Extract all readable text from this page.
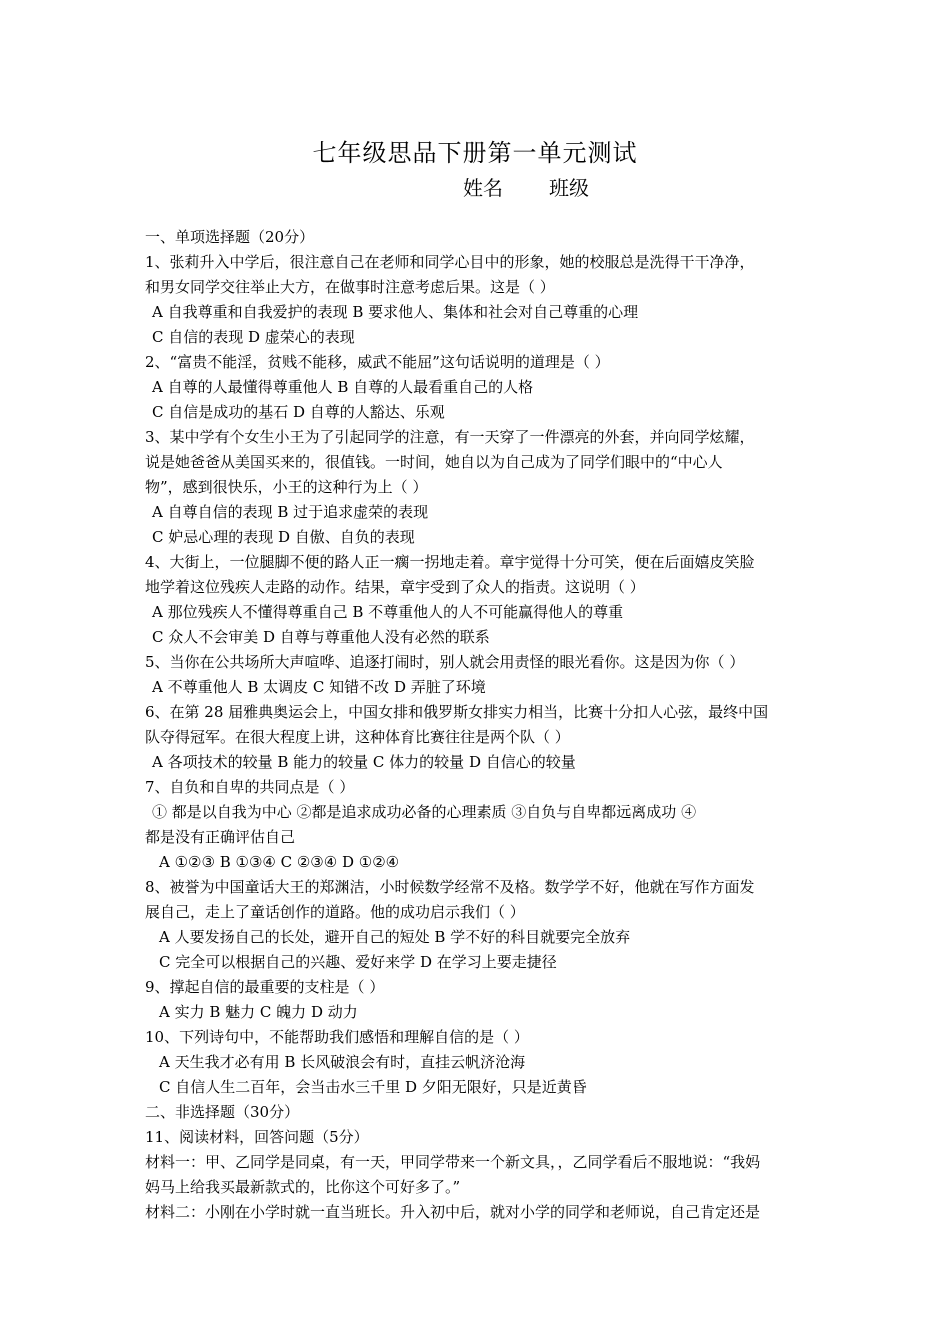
七年级思品下册第一单元测试
姓名 班级
一、单项选择题（20分）
1、张莉升入中学后，很注意自己在老师和同学心目中的形象，她的校服总是洗得干干净净，
和男女同学交往举止大方，在做事时注意考虑后果。这是（ ）
A 自我尊重和自我爱护的表现 B 要求他人、集体和社会对自己尊重的心理
C 自信的表现 D 虚荣心的表现
2、“富贵不能淫，贫贱不能移，威武不能屈”这句话说明的道理是（ ）
A 自尊的人最懂得尊重他人 B 自尊的人最看重自己的人格
C 自信是成功的基石 D 自尊的人豁达、乐观
3、某中学有个女生小王为了引起同学的注意，有一天穿了一件漂亮的外套，并向同学炫耀，
说是她爸爸从美国买来的，很值钱。一时间，她自以为自己成为了同学们眼中的“中心人
物”，感到很快乐，小王的这种行为上（ ）
A 自尊自信的表现 B 过于追求虚荣的表现
C 妒忌心理的表现 D 自傲、自负的表现
4、大街上，一位腿脚不便的路人正一瘸一拐地走着。章宇觉得十分可笑，便在后面嬉皮笑脸
地学着这位残疾人走路的动作。结果，章宇受到了众人的指责。这说明（ ）
A 那位残疾人不懂得尊重自己 B 不尊重他人的人不可能赢得他人的尊重
C 众人不会审美 D 自尊与尊重他人没有必然的联系
5、当你在公共场所大声喧哗、追逐打闹时，别人就会用责怪的眼光看你。这是因为你（ ）
A 不尊重他人 B 太调皮 C 知错不改 D 弄脏了环境
6、在第 28 届雅典奥运会上，中国女排和俄罗斯女排实力相当，比赛十分扣人心弦，最终中国
队夺得冠军。在很大程度上讲，这种体育比赛往往是两个队（ ）
A 各项技术的较量 B 能力的较量 C 体力的较量 D 自信心的较量
7、自负和自卑的共同点是（ ）
① 都是以自我为中心 ②都是追求成功必备的心理素质 ③自负与自卑都远离成功 ④
都是没有正确评估自己
A ①②③ B ①③④ C ②③④ D ①②④
8、被誉为中国童话大王的郑渊洁，小时候数学经常不及格。数学学不好，他就在写作方面发
展自己，走上了童话创作的道路。他的成功启示我们（ ）
A 人要发扬自己的长处，避开自己的短处 B 学不好的科目就要完全放弃
C 完全可以根据自己的兴趣、爱好来学 D 在学习上要走捷径
9、撑起自信的最重要的支柱是（ ）
A 实力 B 魅力 C 魄力 D 动力
10、下列诗句中，不能帮助我们感悟和理解自信的是（ ）
A 天生我才必有用 B 长风破浪会有时，直挂云帆济沧海
C 自信人生二百年，会当击水三千里 D 夕阳无限好，只是近黄昏
二、非选择题（30分）
11、阅读材料，回答问题（5分）
材料一：甲、乙同学是同桌，有一天，甲同学带来一个新文具，，乙同学看后不服地说：“我妈
妈马上给我买最新款式的，比你这个可好多了。”
材料二：小刚在小学时就一直当班长。升入初中后，就对小学的同学和老师说，自己肯定还是
